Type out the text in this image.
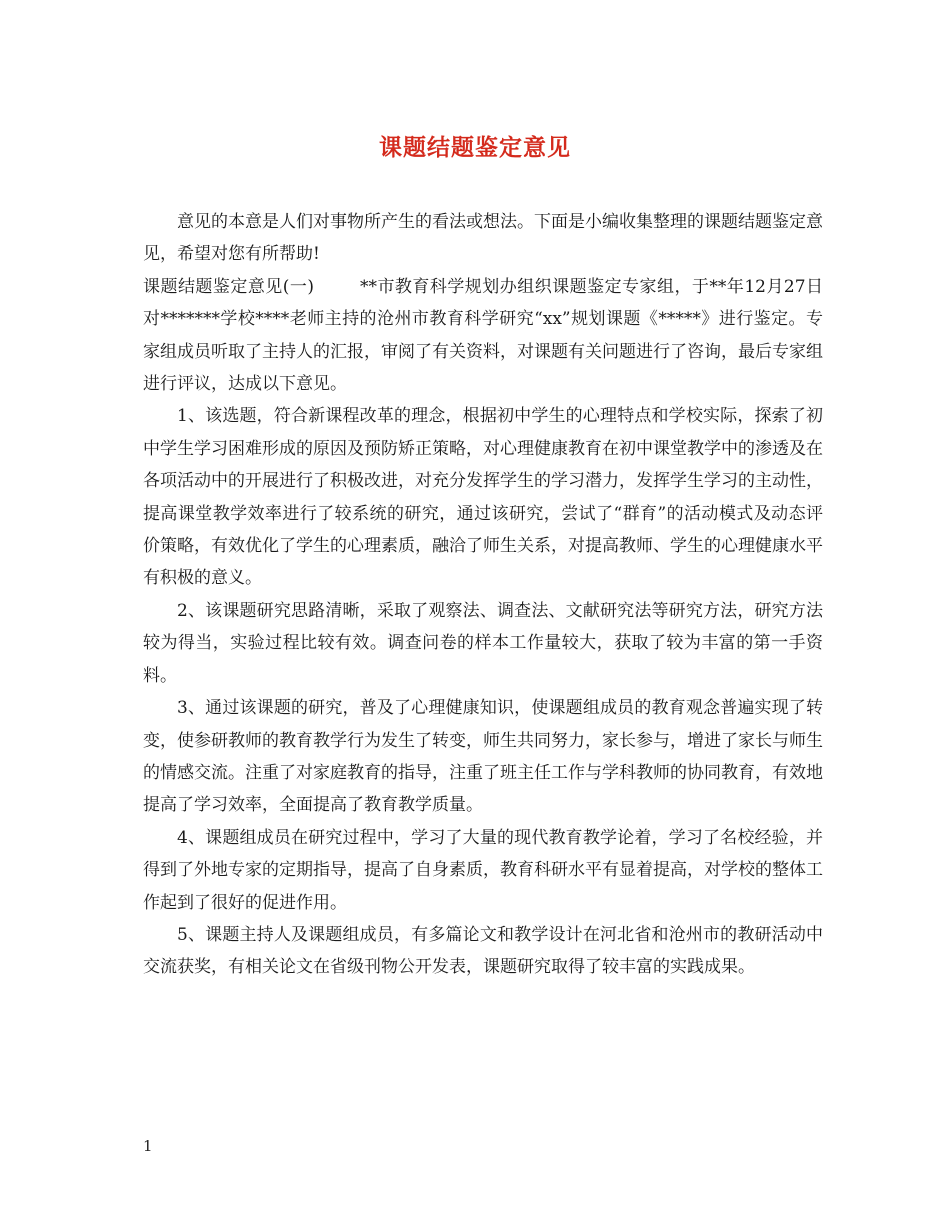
课题结题鉴定意见

意见的本意是人们对事物所产生的看法或想法。下面是小编收集整理的课题结题鉴定意见，希望对您有所帮助!

课题结题鉴定意见(一)	**市教育科学规划办组织课题鉴定专家组，于**年12月27日对*******学校****老师主持的沧州市教育科学研究“xx”规划课题《*****》进行鉴定。专家组成员听取了主持人的汇报，审阅了有关资料，对课题有关问题进行了咨询，最后专家组进行评议，达成以下意见。

1、该选题，符合新课程改革的理念，根据初中学生的心理特点和学校实际，探索了初中学生学习困难形成的原因及预防矫正策略，对心理健康教育在初中课堂教学中的渗透及在各项活动中的开展进行了积极改进，对充分发挥学生的学习潜力，发挥学生学习的主动性，提高课堂教学效率进行了较系统的研究，通过该研究，尝试了“群育”的活动模式及动态评价策略，有效优化了学生的心理素质，融洽了师生关系，对提高教师、学生的心理健康水平有积极的意义。

2、该课题研究思路清晰，采取了观察法、调查法、文献研究法等研究方法，研究方法较为得当，实验过程比较有效。调查问卷的样本工作量较大，获取了较为丰富的第一手资料。

3、通过该课题的研究，普及了心理健康知识，使课题组成员的教育观念普遍实现了转变，使参研教师的教育教学行为发生了转变，师生共同努力，家长参与，增进了家长与师生的情感交流。注重了对家庭教育的指导，注重了班主任工作与学科教师的协同教育，有效地提高了学习效率，全面提高了教育教学质量。

4、课题组成员在研究过程中，学习了大量的现代教育教学论着，学习了名校经验，并得到了外地专家的定期指导，提高了自身素质，教育科研水平有显着提高，对学校的整体工作起到了很好的促进作用。

5、课题主持人及课题组成员，有多篇论文和教学设计在河北省和沧州市的教研活动中交流获奖，有相关论文在省级刊物公开发表，课题研究取得了较丰富的实践成果。

1
